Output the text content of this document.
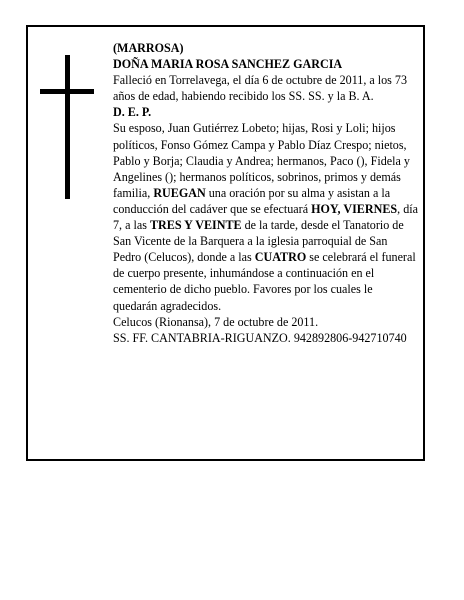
(MARROSA)

DOÑA MARIA ROSA SANCHEZ GARCIA

Falleció en Torrelavega, el día 6 de octubre de 2011, a los 73 años de edad, habiendo recibido los SS. SS. y la B. A.

D. E. P.

Su esposo, Juan Gutiérrez Lobeto; hijas, Rosi y Loli; hijos políticos, Fonso Gómez Campa y Pablo Díaz Crespo; nietos, Pablo y Borja; Claudia y Andrea; hermanos, Paco (), Fidela y Angelines (); hermanos políticos, sobrinos, primos y demás familia, RUEGAN una oración por su alma y asistan a la conducción del cadáver que se efectuará HOY, VIERNES, día 7, a las TRES Y VEINTE de la tarde, desde el Tanatorio de San Vicente de la Barquera a la iglesia parroquial de San Pedro (Celucos), donde a las CUATRO se celebrará el funeral de cuerpo presente, inhumándose a continuación en el cementerio de dicho pueblo. Favores por los cuales le quedarán agradecidos.

Celucos (Rionansa), 7 de octubre de 2011.

SS. FF. CANTABRIA-RIGUANZO. 942892806-942710740
